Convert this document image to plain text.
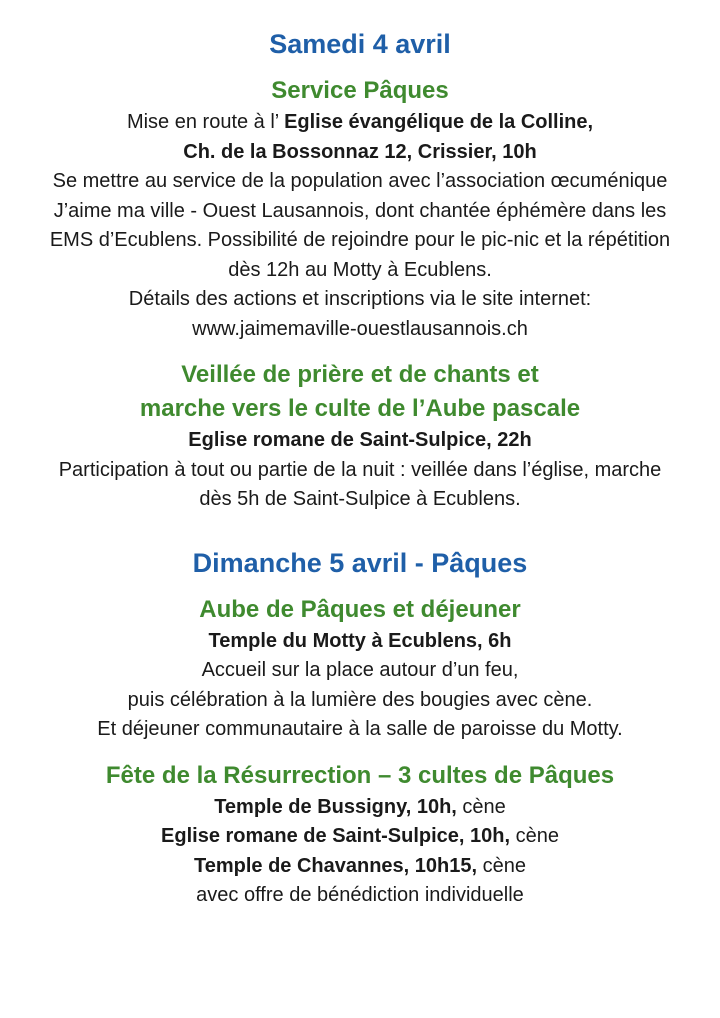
Samedi 4 avril

Service Pâques

Mise en route à l’ Eglise évangélique de la Colline,

Ch. de la Bossonnaz 12, Crissier, 10h

Se mettre au service de la population avec l’association œcuménique

J’aime ma ville - Ouest Lausannois, dont chantée éphémère dans les

EMS d’Ecublens. Possibilité de rejoindre pour le pic-nic et la répétition

dès 12h au Motty à Ecublens.

Détails des actions et inscriptions via le site internet:

www.jaimemaville-ouestlausannois.ch

Veillée de prière et de chants et

marche vers le culte de l’Aube pascale

Eglise romane de Saint-Sulpice, 22h

Participation à tout ou partie de la nuit : veillée dans l’église, marche

dès 5h de Saint-Sulpice à Ecublens.

Dimanche 5 avril - Pâques

Aube de Pâques et déjeuner

Temple du Motty à Ecublens, 6h

Accueil sur la place autour d’un feu,

puis célébration à la lumière des bougies avec cène.

Et déjeuner communautaire à la salle de paroisse du Motty.

Fête de la Résurrection – 3 cultes de Pâques

Temple de Bussigny, 10h, cène

Eglise romane de Saint-Sulpice, 10h, cène

Temple de Chavannes, 10h15, cène

avec offre de bénédiction individuelle
